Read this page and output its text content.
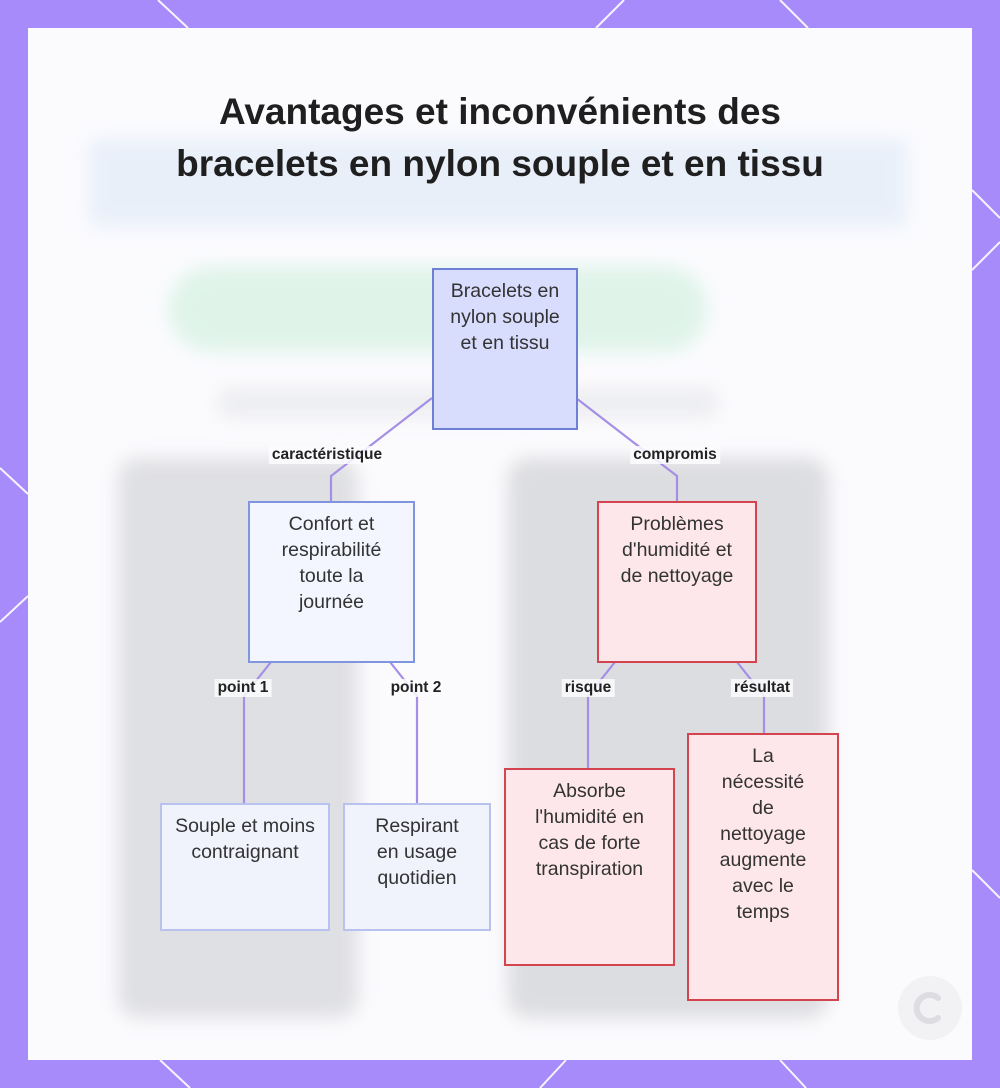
Avantages et inconvénients des bracelets en nylon souple et en tissu
Bracelets en nylon souple et en tissu
Confort et respirabilité toute la journée
Problèmes d'humidité et de nettoyage
Souple et moins contraignant
Respirant en usage quotidien
Absorbe l'humidité en cas de forte transpiration
La nécessité de nettoyage augmente avec le temps
caractéristique	compromis
point 1	point 2	risque	résultat
